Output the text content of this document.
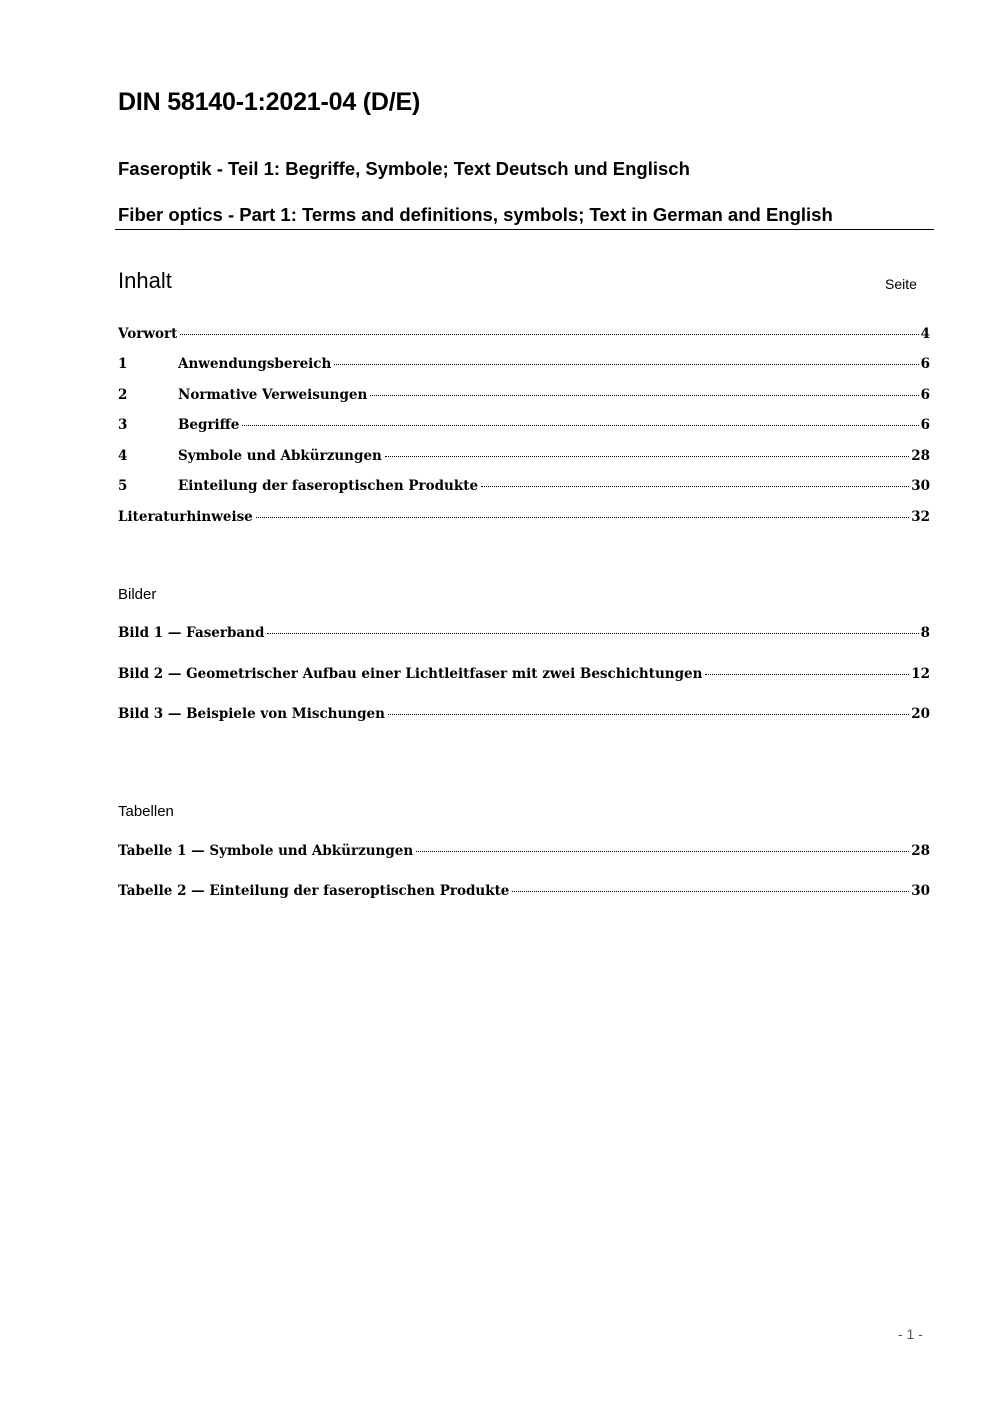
DIN 58140-1:2021-04 (D/E)
Faseroptik - Teil 1: Begriffe, Symbole; Text Deutsch und Englisch
Fiber optics - Part 1: Terms and definitions, symbols; Text in German and English
Inhalt	Seite
Vorwort	4
1	Anwendungsbereich	6
2	Normative Verweisungen	6
3	Begriffe	6
4	Symbole und Abkürzungen	28
5	Einteilung der faseroptischen Produkte	30
Literaturhinweise	32
Bilder
Bild 1 — Faserband	8
Bild 2 — Geometrischer Aufbau einer Lichtleitfaser mit zwei Beschichtungen	12
Bild 3 — Beispiele von Mischungen	20
Tabellen
Tabelle 1 — Symbole und Abkürzungen	28
Tabelle 2 — Einteilung der faseroptischen Produkte	30
- 1 -
